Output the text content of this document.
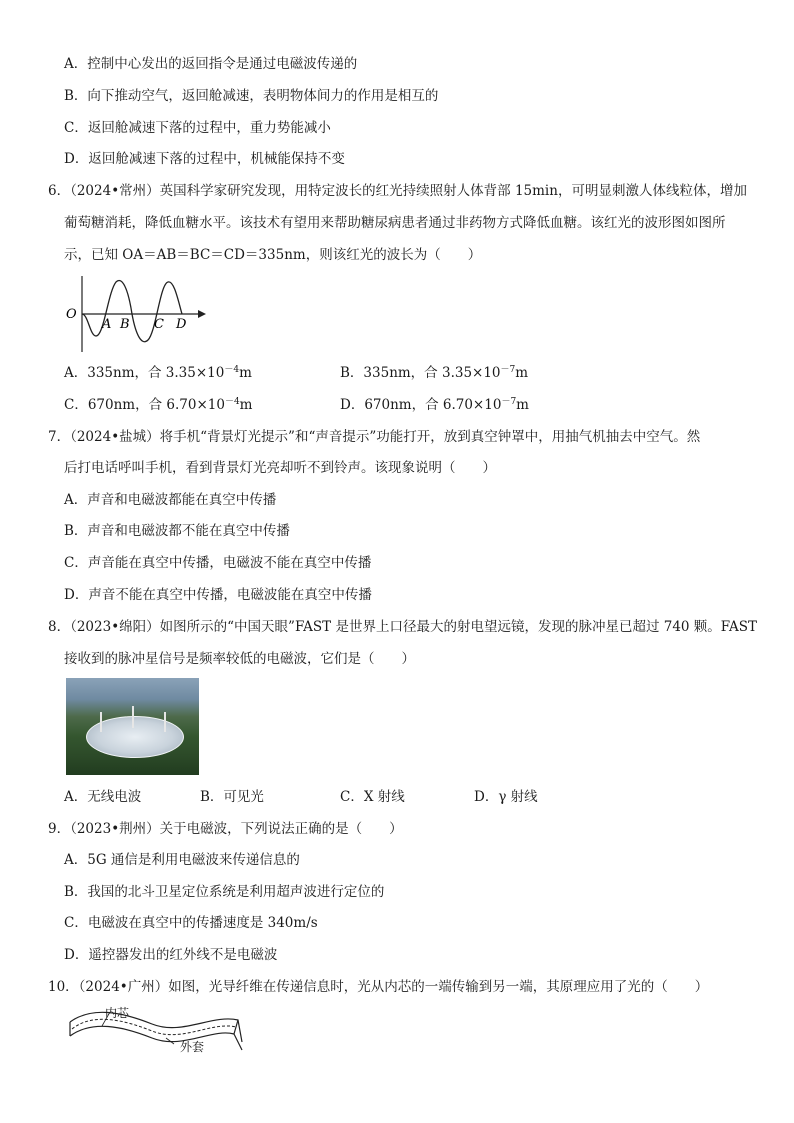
A．控制中心发出的返回指令是通过电磁波传递的
B．向下推动空气，返回舱减速，表明物体间力的作用是相互的
C．返回舱减速下落的过程中，重力势能减小
D．返回舱减速下落的过程中，机械能保持不变
6．（2024•常州）英国科学家研究发现，用特定波长的红光持续照射人体背部 15min，可明显刺激人体线粒体，增加
葡萄糖消耗，降低血糖水平。该技术有望用来帮助糖尿病患者通过非药物方式降低血糖。该红光的波形图如图所
示，已知 OA＝AB＝BC＝CD＝335nm，则该红光的波长为（　　）
O
A B C D
A．335nm，合 $3.35\times 10^{-4}m$	B．335nm，合 $3.35\times 10^{-7}m$
C．670nm，合 $6.70\times 10^{-4}m$	D．670nm，合 $6.70\times 10^{-7}m$
7．（2024•盐城）将手机“背景灯光提示”和“声音提示”功能打开，放到真空钟罩中，用抽气机抽去中空气。然
后打电话呼叫手机，看到背景灯光亮却听不到铃声。该现象说明（　　）
A．声音和电磁波都能在真空中传播
B．声音和电磁波都不能在真空中传播
C．声音能在真空中传播，电磁波不能在真空中传播
D．声音不能在真空中传播，电磁波能在真空中传播
8．（2023•绵阳）如图所示的“中国天眼”FAST 是世界上口径最大的射电望远镜，发现的脉冲星已超过 740 颗。FAST
接收到的脉冲星信号是频率较低的电磁波，它们是（　　）
A．无线电波	B．可见光	C．X 射线	D．γ 射线
9．（2023•荆州）关于电磁波，下列说法正确的是（　　）
A．5G 通信是利用电磁波来传递信息的
B．我国的北斗卫星定位系统是利用超声波进行定位的
C．电磁波在真空中的传播速度是 340m/s
D．遥控器发出的红外线不是电磁波
10．（2024•广州）如图，光导纤维在传递信息时，光从内芯的一端传输到另一端，其原理应用了光的（　　）
内芯
外套
